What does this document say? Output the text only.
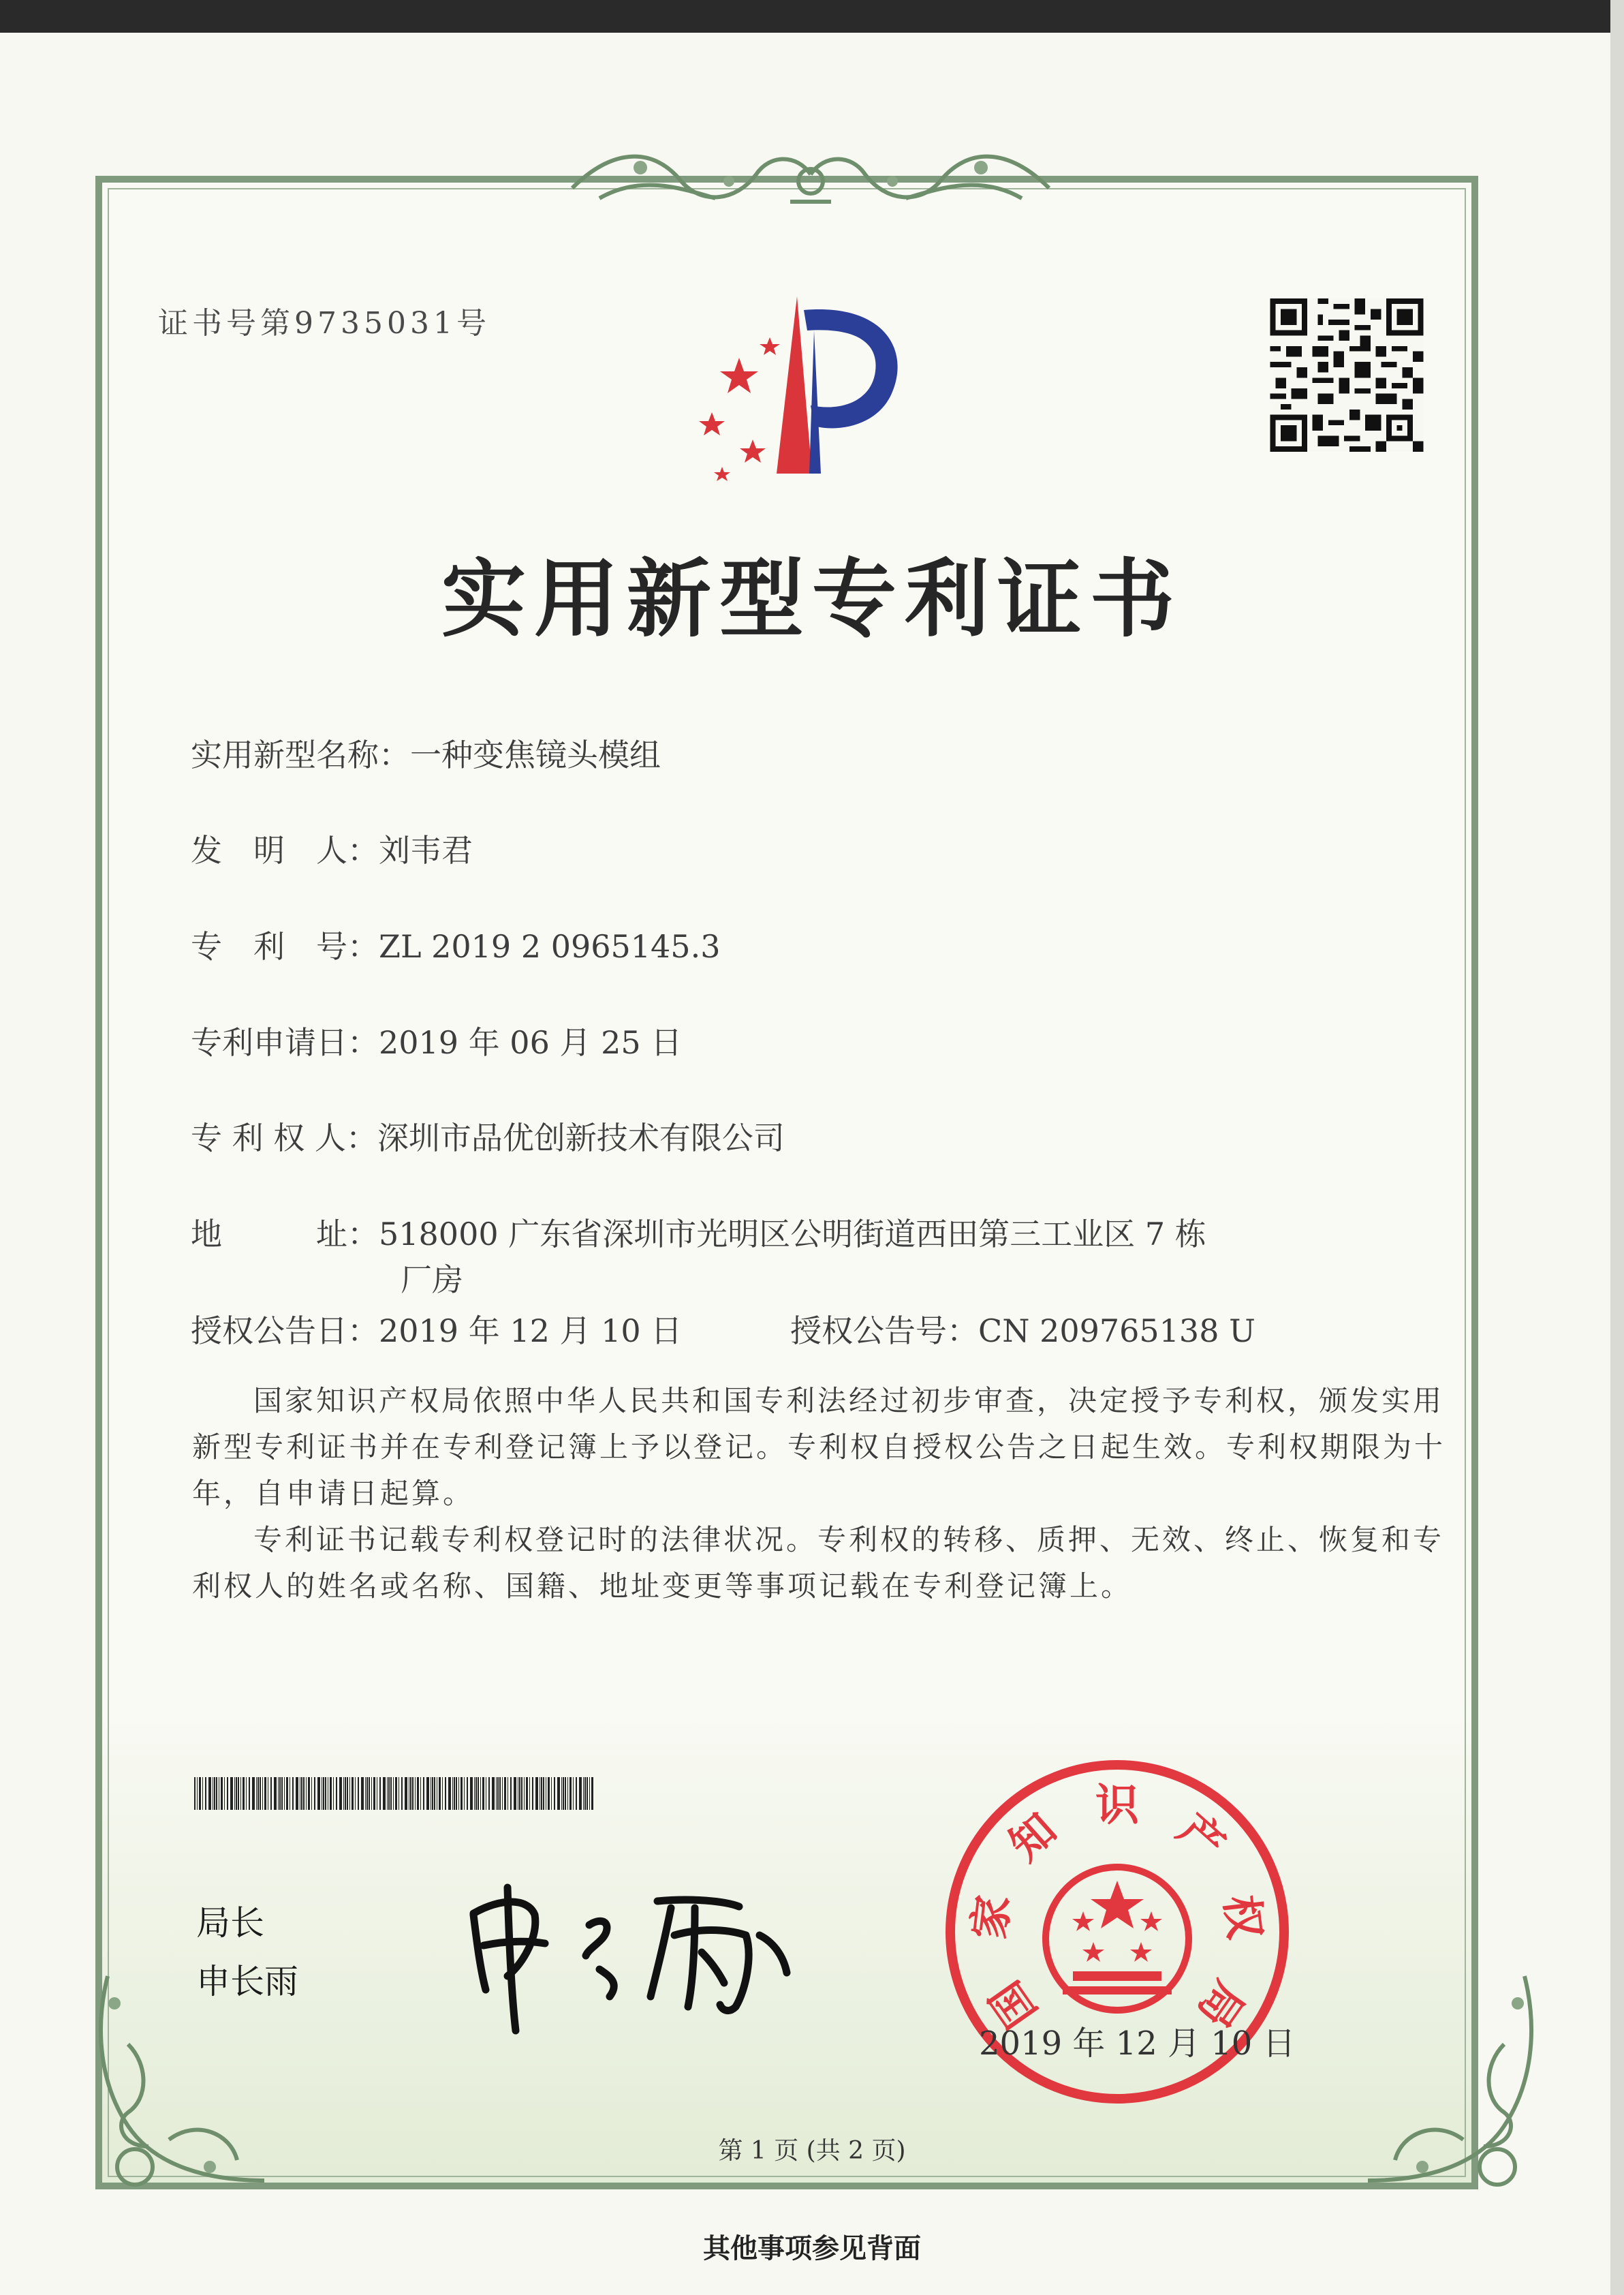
证书号第9735031号
实用新型专利证书
实用新型名称：一种变焦镜头模组
发　明　人：刘韦君
专　利　号：ZL 2019 2 0965145.3
专利申请日：2019 年 06 月 25 日
专 利 权 人：深圳市品优创新技术有限公司
地　　　址：518000 广东省深圳市光明区公明街道西田第三工业区 7 栋
厂房
授权公告日：2019 年 12 月 10 日	授权公告号：CN 209765138 U
国家知识产权局依照中华人民共和国专利法经过初步审查，决定授予专利权，颁发实用
新型专利证书并在专利登记簿上予以登记。专利权自授权公告之日起生效。专利权期限为十
年，自申请日起算。
专利证书记载专利权登记时的法律状况。专利权的转移、质押、无效、终止、恢复和专
利权人的姓名或名称、国籍、地址变更等事项记载在专利登记簿上。
局长
申长雨	国
家
知 识 产
权
局
2019 年 12 月 10 日
第 1 页 (共 2 页)
其他事项参见背面
